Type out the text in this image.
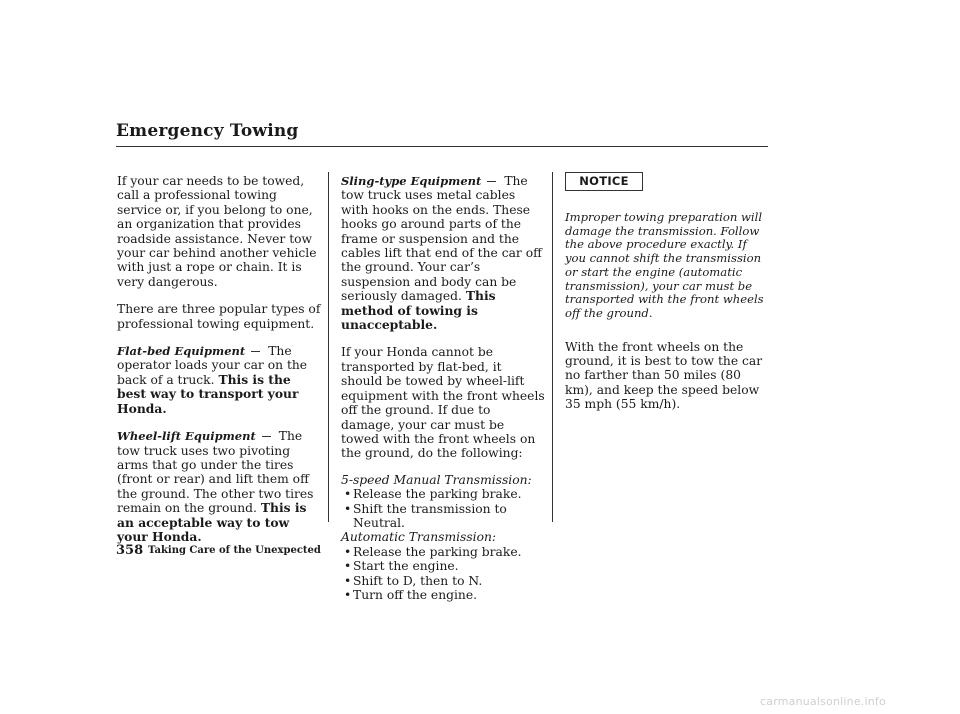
Emergency Towing

If your car needs to be towed, call a professional towing service or, if you belong to one, an organization that provides roadside assistance. Never tow your car behind another vehicle with just a rope or chain. It is very dangerous.

There are three popular types of professional towing equipment.

Flat-bed Equipment The operator loads your car on the back of a truck. This is the best way to transport your Honda.

Wheel-lift Equipment The tow truck uses two pivoting arms that go under the tires (front or rear) and lift them off the ground. The other two tires remain on the ground. This is an acceptable way to tow your Honda.

Sling-type Equipment The tow truck uses metal cables with hooks on the ends. These hooks go around parts of the frame or suspension and the cables lift that end of the car off the ground. Your car’s suspension and body can be seriously damaged. This method of towing is unacceptable.

If your Honda cannot be transported by flat-bed, it should be towed by wheel-lift equipment with the front wheels off the ground. If due to damage, your car must be towed with the front wheels on the ground, do the following:

5-speed Manual Transmission:
• Release the parking brake.
• Shift the transmission to Neutral.
Automatic Transmission:
• Release the parking brake.
• Start the engine.
• Shift to D, then to N.
• Turn off the engine.
NOTICE

Improper towing preparation will damage the transmission. Follow the above procedure exactly. If you cannot shift the transmission or start the engine (automatic transmission), your car must be transported with the front wheels off the ground.

With the front wheels on the ground, it is best to tow the car no farther than 50 miles (80 km), and keep the speed below 35 mph (55 km/h).

358 Taking Care of the Unexpected
carmanualsonline.info
